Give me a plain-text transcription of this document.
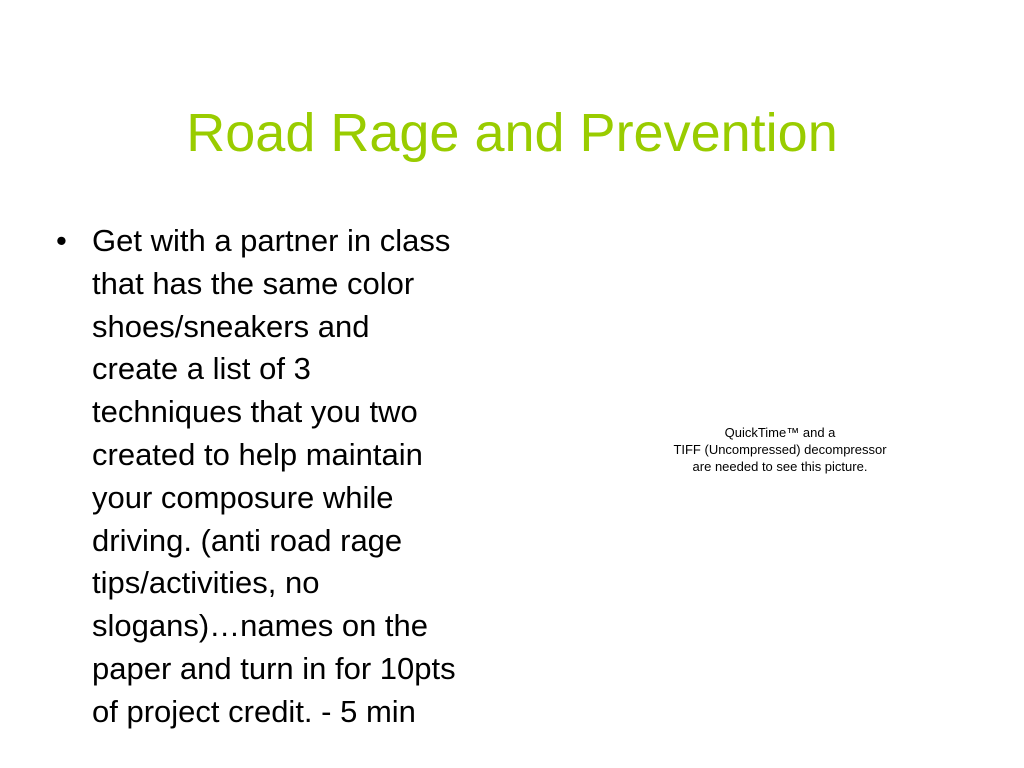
Road Rage and Prevention
• Get with a partner in class
that has the same color
shoes/sneakers and
create a list of 3
techniques that you two
created to help maintain
your composure while
driving. (anti road rage
tips/activities, no
slogans)…names on the
paper and turn in for 10pts
of project credit. - 5 min
QuickTime™ and a
TIFF (Uncompressed) decompressor
are needed to see this picture.
